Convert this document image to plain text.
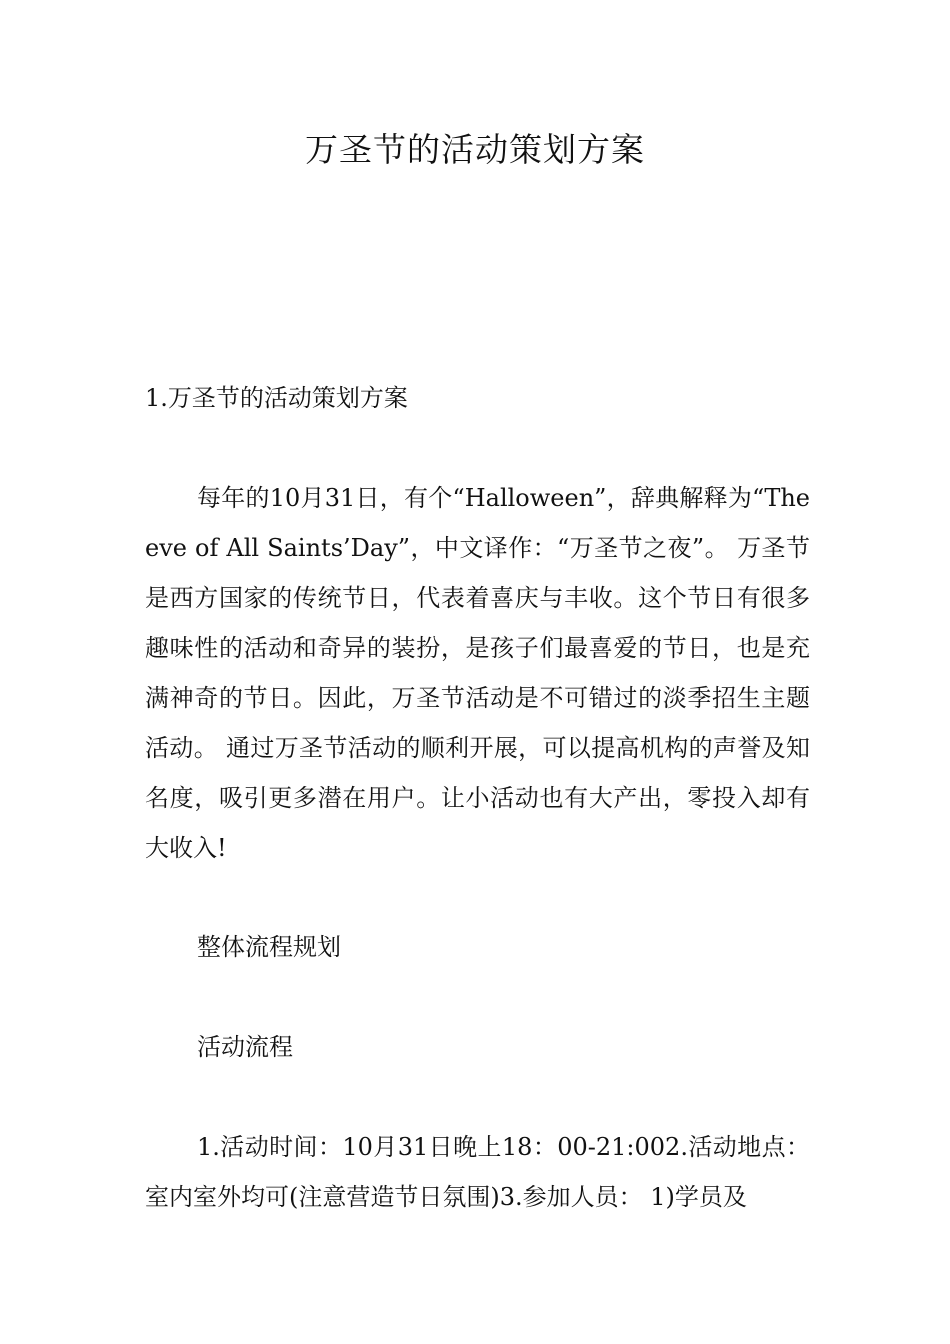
万圣节的活动策划方案
1.万圣节的活动策划方案
每年的10月31日，有个“Halloween”，辞典解释为“The eve of All Saints’Day”，中文译作：“万圣节之夜”。 万圣节是西方国家的传统节日，代表着喜庆与丰收。这个节日有很多趣味性的活动和奇异的装扮，是孩子们最喜爱的节日，也是充满神奇的节日。因此，万圣节活动是不可错过的淡季招生主题活动。 通过万圣节活动的顺利开展，可以提高机构的声誉及知名度，吸引更多潜在用户。让小活动也有大产出，零投入却有大收入!
整体流程规划
活动流程
1.活动时间：10月31日晚上18：00-21:002.活动地点：室内室外均可(注意营造节日氛围)3.参加人员： 1)学员及
